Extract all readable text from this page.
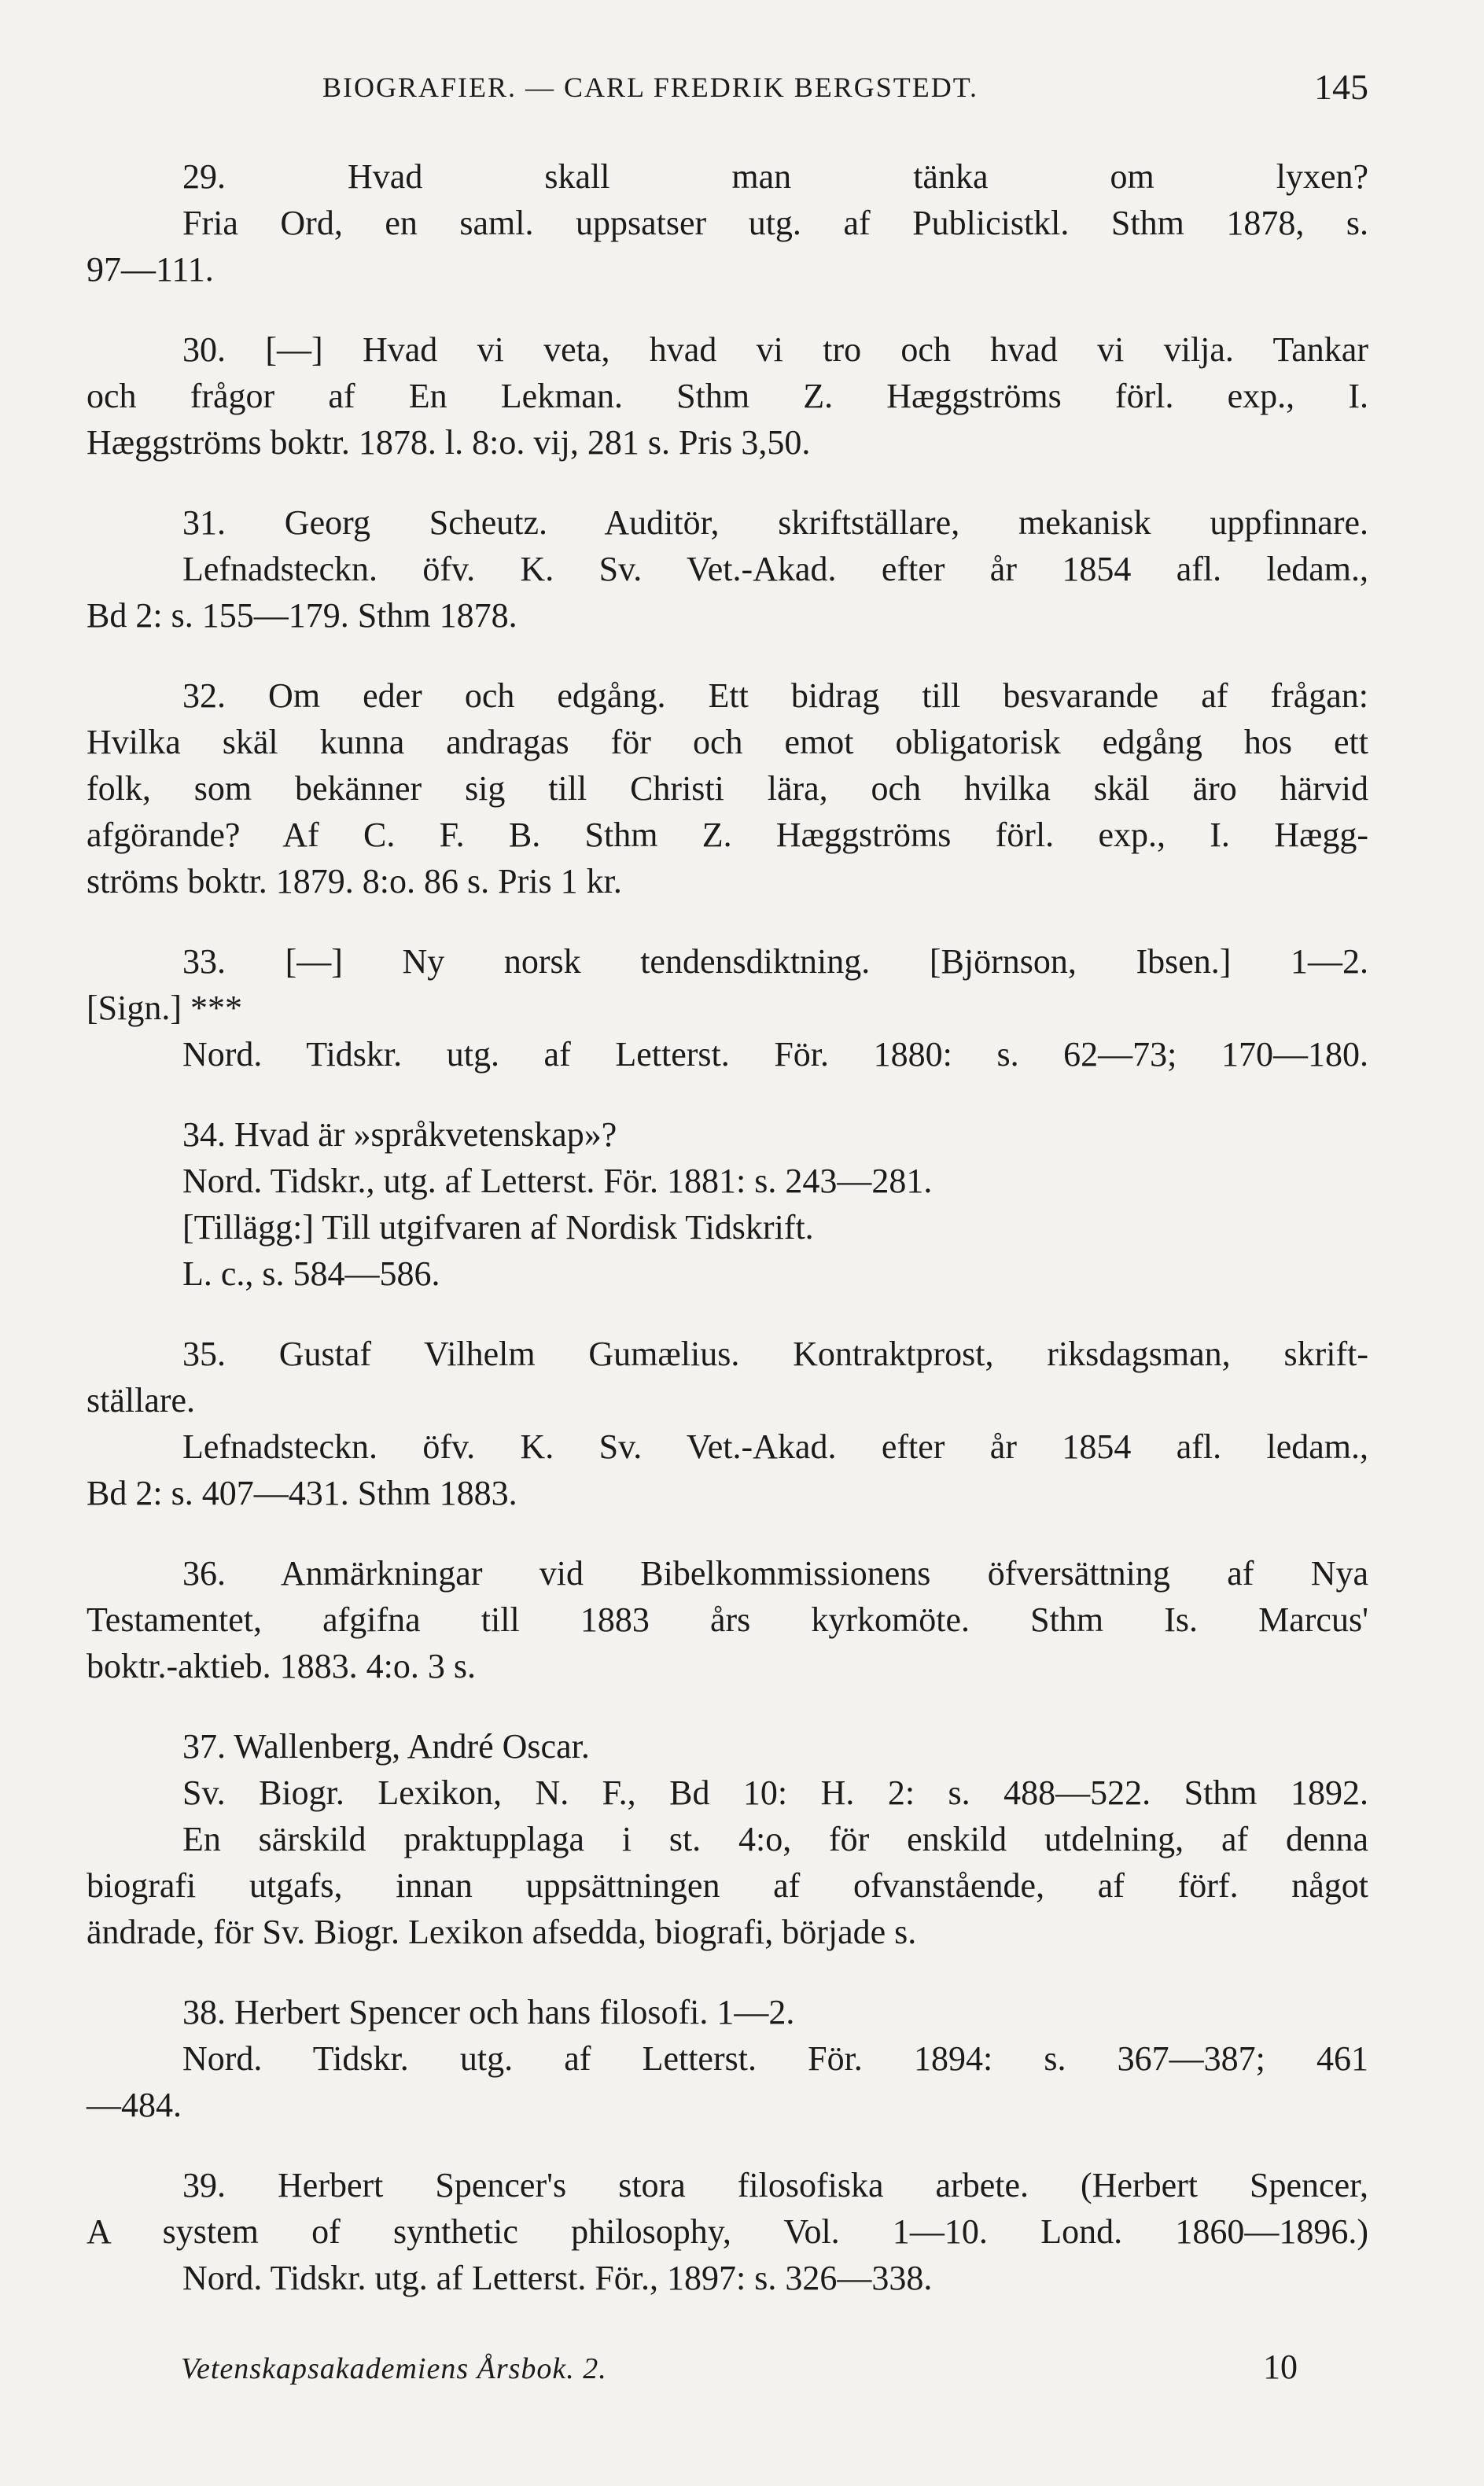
BIOGRAFIER. — CARL FREDRIK BERGSTEDT.	145
29. Hvad skall man tänka om lyxen?
Fria Ord, en saml. uppsatser utg. af Publicistkl. Sthm 1878, s.
97—111.
30. [—] Hvad vi veta, hvad vi tro och hvad vi vilja. Tankar
och frågor af En Lekman. Sthm Z. Hæggströms förl. exp., I.
Hæggströms boktr. 1878. l. 8:o. vij, 281 s. Pris 3,50.
31. Georg Scheutz. Auditör, skriftställare, mekanisk uppfinnare.
Lefnadsteckn. öfv. K. Sv. Vet.-Akad. efter år 1854 afl. ledam.,
Bd 2: s. 155—179. Sthm 1878.
32. Om eder och edgång. Ett bidrag till besvarande af frågan:
Hvilka skäl kunna andragas för och emot obligatorisk edgång hos ett
folk, som bekänner sig till Christi lära, och hvilka skäl äro härvid
afgörande? Af C. F. B. Sthm Z. Hæggströms förl. exp., I. Hægg-
ströms boktr. 1879. 8:o. 86 s. Pris 1 kr.
33. [—] Ny norsk tendensdiktning. [Björnson, Ibsen.] 1—2.
[Sign.] ***
Nord. Tidskr. utg. af Letterst. För. 1880: s. 62—73; 170—180.
34. Hvad är »språkvetenskap»?
Nord. Tidskr., utg. af Letterst. För. 1881: s. 243—281.
[Tillägg:] Till utgifvaren af Nordisk Tidskrift.
L. c., s. 584—586.
35. Gustaf Vilhelm Gumælius. Kontraktprost, riksdagsman, skrift-
ställare.
Lefnadsteckn. öfv. K. Sv. Vet.-Akad. efter år 1854 afl. ledam.,
Bd 2: s. 407—431. Sthm 1883.
36. Anmärkningar vid Bibelkommissionens öfversättning af Nya
Testamentet, afgifna till 1883 års kyrkomöte. Sthm Is. Marcus'
boktr.-aktieb. 1883. 4:o. 3 s.
37. Wallenberg, André Oscar.
Sv. Biogr. Lexikon, N. F., Bd 10: H. 2: s. 488—522. Sthm 1892.
En särskild praktupplaga i st. 4:o, för enskild utdelning, af denna
biografi utgafs, innan uppsättningen af ofvanstående, af förf. något
ändrade, för Sv. Biogr. Lexikon afsedda, biografi, började s.
38. Herbert Spencer och hans filosofi. 1—2.
Nord. Tidskr. utg. af Letterst. För. 1894: s. 367—387; 461
—484.
39. Herbert Spencer's stora filosofiska arbete. (Herbert Spencer,
A system of synthetic philosophy, Vol. 1—10. Lond. 1860—1896.)
Nord. Tidskr. utg. af Letterst. För., 1897: s. 326—338.
Vetenskapsakademiens Årsbok. 2.	10
